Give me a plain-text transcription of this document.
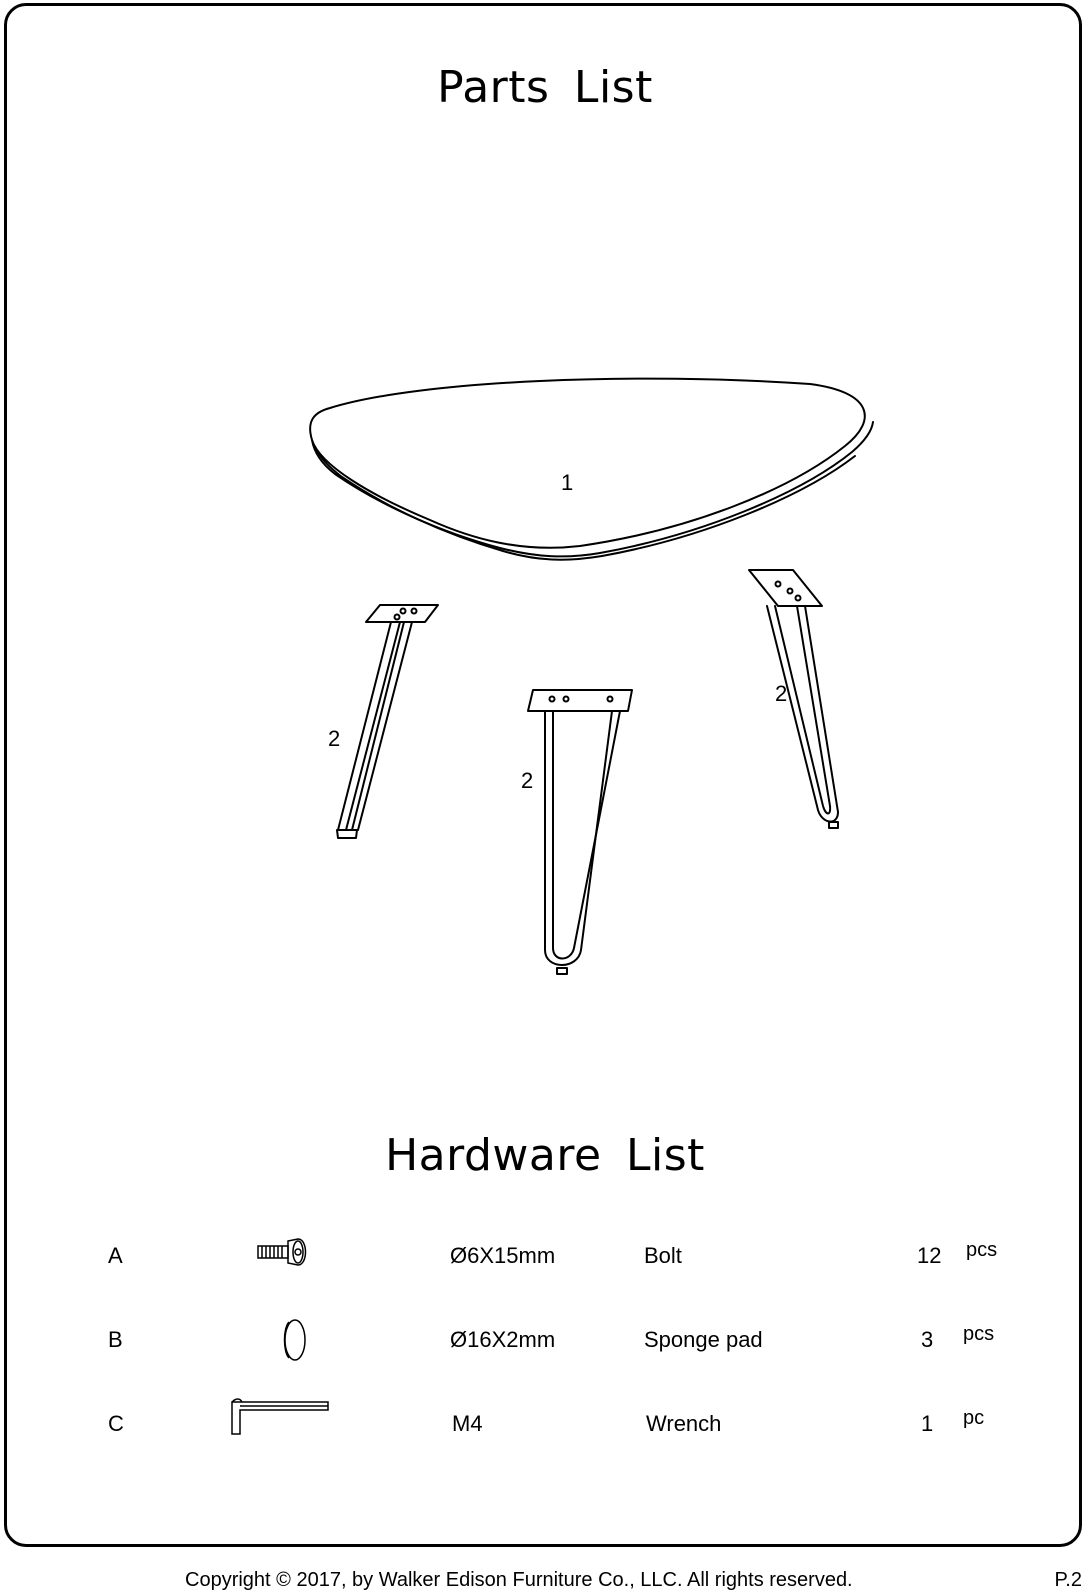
Parts List
1
2
2
2
Hardware List
A	Ø6X15mm	Bolt	12 pcs
B	Ø16X2mm	Sponge pad	3 pcs
C	M4	Wrench	1 pc
Copyright © 2017, by Walker Edison Furniture Co., LLC. All rights reserved.	P.2
